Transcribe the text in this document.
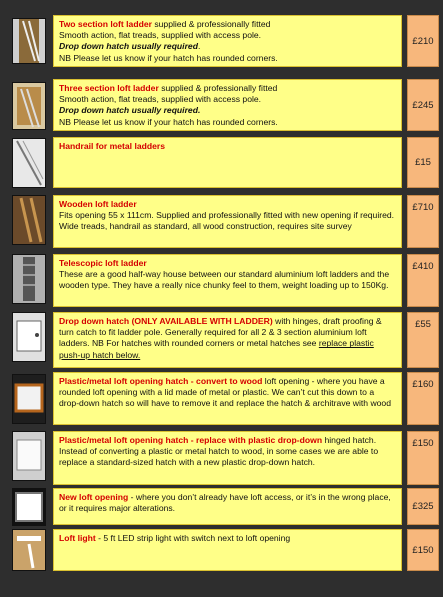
Two section loft ladder supplied & professionally fitted
Smooth action, flat treads, supplied with access pole.
Drop down hatch usually required.
NB Please let us know if your hatch has rounded corners.
£210
Three section loft ladder supplied & professionally fitted
Smooth action, flat treads, supplied with access pole.
Drop down hatch usually required.
NB Please let us know if your hatch has rounded corners.
£245
Handrail for metal ladders
£15
Wooden loft ladder
Fits opening 55 x 111cm. Supplied and professionally fitted with new opening if required. Wide treads, handrail as standard, all wood construction, requires site survey
£710
Telescopic loft ladder
These are a good half-way house between our standard aluminium loft ladders and the wooden type. They have a really nice chunky feel to them, weight loading up to 150Kg.
£410
Drop down hatch (ONLY AVAILABLE WITH LADDER) with hinges, draft proofing & turn catch to fit ladder pole. Generally required for all 2 & 3 section aluminium loft ladders. NB For hatches with rounded corners or metal hatches see replace plastic push-up hatch below.
£55
Plastic/metal loft opening hatch - convert to wood loft opening - where you have a rounded loft opening with a lid made of metal or plastic. We can’t cut this down to a drop-down hatch so will have to remove it and replace the hatch & architrave with wood
£160
Plastic/metal loft opening hatch - replace with plastic drop-down hinged hatch. Instead of converting a plastic or metal hatch to wood, in some cases we are able to replace a standard-sized hatch with a new plastic drop-down hatch.
£150
New loft opening - where you don’t already have loft access, or it’s in the wrong place, or it requires major alterations.	£325
Loft light - 5 ft LED strip light with switch next to loft opening
£150
